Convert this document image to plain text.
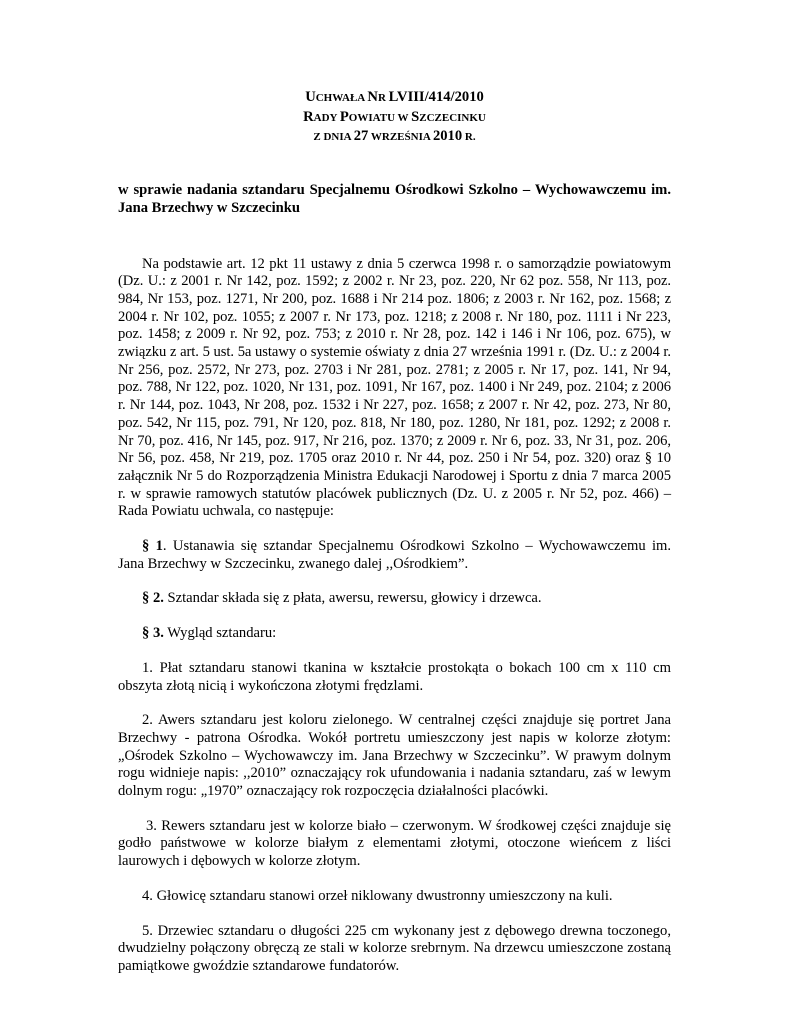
UCHWAŁA NR LVIII/414/2010
RADY POWIATU W SZCZECINKU
Z DNIA 27 WRZEŚNIA 2010 R.
w sprawie nadania sztandaru Specjalnemu Ośrodkowi Szkolno – Wychowawczemu im. Jana Brzechwy w Szczecinku
Na podstawie art. 12 pkt 11 ustawy z dnia 5 czerwca 1998 r. o samorządzie powiatowym (Dz. U.: z 2001 r. Nr 142, poz. 1592; z 2002 r. Nr 23, poz. 220, Nr 62 poz. 558, Nr 113, poz. 984, Nr 153, poz. 1271, Nr 200, poz. 1688 i Nr 214 poz. 1806; z 2003 r. Nr 162, poz. 1568; z 2004 r. Nr 102, poz. 1055; z 2007 r. Nr 173, poz. 1218; z 2008 r. Nr 180, poz. 1111 i Nr 223, poz. 1458; z 2009 r. Nr 92, poz. 753; z 2010 r. Nr 28, poz. 142 i 146 i Nr 106, poz. 675), w związku z art. 5 ust. 5a ustawy o systemie oświaty z dnia 27 września 1991 r. (Dz. U.: z 2004 r. Nr 256, poz. 2572, Nr 273, poz. 2703 i Nr 281, poz. 2781; z 2005 r. Nr 17, poz. 141, Nr 94, poz. 788, Nr 122, poz. 1020, Nr 131, poz. 1091, Nr 167, poz. 1400 i Nr 249, poz. 2104; z 2006 r. Nr 144, poz. 1043, Nr 208, poz. 1532 i Nr 227, poz. 1658; z 2007 r. Nr 42, poz. 273, Nr 80, poz. 542, Nr 115, poz. 791, Nr 120, poz. 818, Nr 180, poz. 1280, Nr 181, poz. 1292; z 2008 r. Nr 70, poz. 416, Nr 145, poz. 917, Nr 216, poz. 1370; z 2009 r. Nr 6, poz. 33, Nr 31, poz. 206, Nr 56, poz. 458, Nr 219, poz. 1705 oraz 2010 r. Nr 44, poz. 250 i Nr 54, poz. 320) oraz § 10 załącznik Nr 5 do Rozporządzenia Ministra Edukacji Narodowej i Sportu z dnia 7 marca 2005 r. w sprawie ramowych statutów placówek publicznych (Dz. U. z 2005 r. Nr 52, poz. 466) – Rada Powiatu uchwala, co następuje:
§ 1. Ustanawia się sztandar Specjalnemu Ośrodkowi Szkolno – Wychowawczemu im. Jana Brzechwy w Szczecinku, zwanego dalej ,,Ośrodkiem”.
§ 2. Sztandar składa się z płata, awersu, rewersu, głowicy i drzewca.
§ 3. Wygląd sztandaru:
1. Płat sztandaru stanowi tkanina w kształcie prostokąta o bokach 100 cm x 110 cm obszyta złotą nicią i wykończona złotymi frędzlami.
2. Awers sztandaru jest koloru zielonego. W centralnej części znajduje się portret Jana Brzechwy - patrona Ośrodka. Wokół portretu umieszczony jest napis w kolorze złotym: „Ośrodek Szkolno – Wychowawczy im. Jana Brzechwy w Szczecinku”. W prawym dolnym rogu widnieje napis: ,,2010” oznaczający rok ufundowania i nadania sztandaru, zaś w lewym dolnym rogu: „1970” oznaczający rok rozpoczęcia działalności placówki.
3. Rewers sztandaru jest w kolorze biało – czerwonym. W środkowej części znajduje się godło państwowe w kolorze białym z elementami złotymi, otoczone wieńcem z liści laurowych i dębowych w kolorze złotym.
4. Głowicę sztandaru stanowi orzeł niklowany dwustronny umieszczony na kuli.
5. Drzewiec sztandaru o długości 225 cm wykonany jest z dębowego drewna toczonego, dwudzielny połączony obręczą ze stali w kolorze srebrnym. Na drzewcu umieszczone zostaną pamiątkowe gwoździe sztandarowe fundatorów.
